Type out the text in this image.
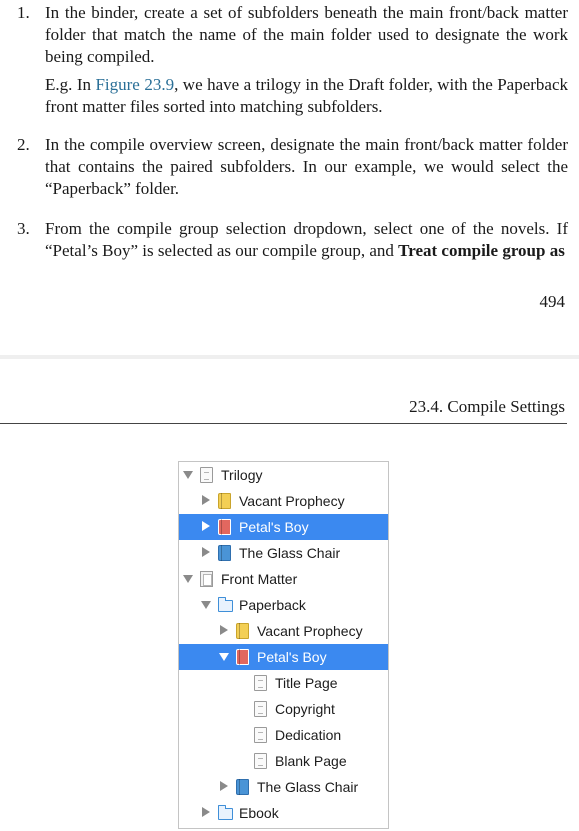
1. In the binder, create a set of subfolders beneath the main front/back matter folder that match the name of the main folder used to designate the work being compiled.
E.g. In Figure 23.9, we have a trilogy in the Draft folder, with the Paperback front matter files sorted into matching subfolders.
2. In the compile overview screen, designate the main front/back matter folder that contains the paired subfolders. In our example, we would select the “Paperback” folder.
3. From the compile group selection dropdown, select one of the novels. If “Petal’s Boy” is selected as our compile group, and Treat compile group as
494
23.4. Compile Settings
Trilogy
Vacant Prophecy
Petal's Boy
The Glass Chair
Front Matter
Paperback
Vacant Prophecy
Petal's Boy
Title Page
Copyright
Dedication
Blank Page
The Glass Chair
Ebook
